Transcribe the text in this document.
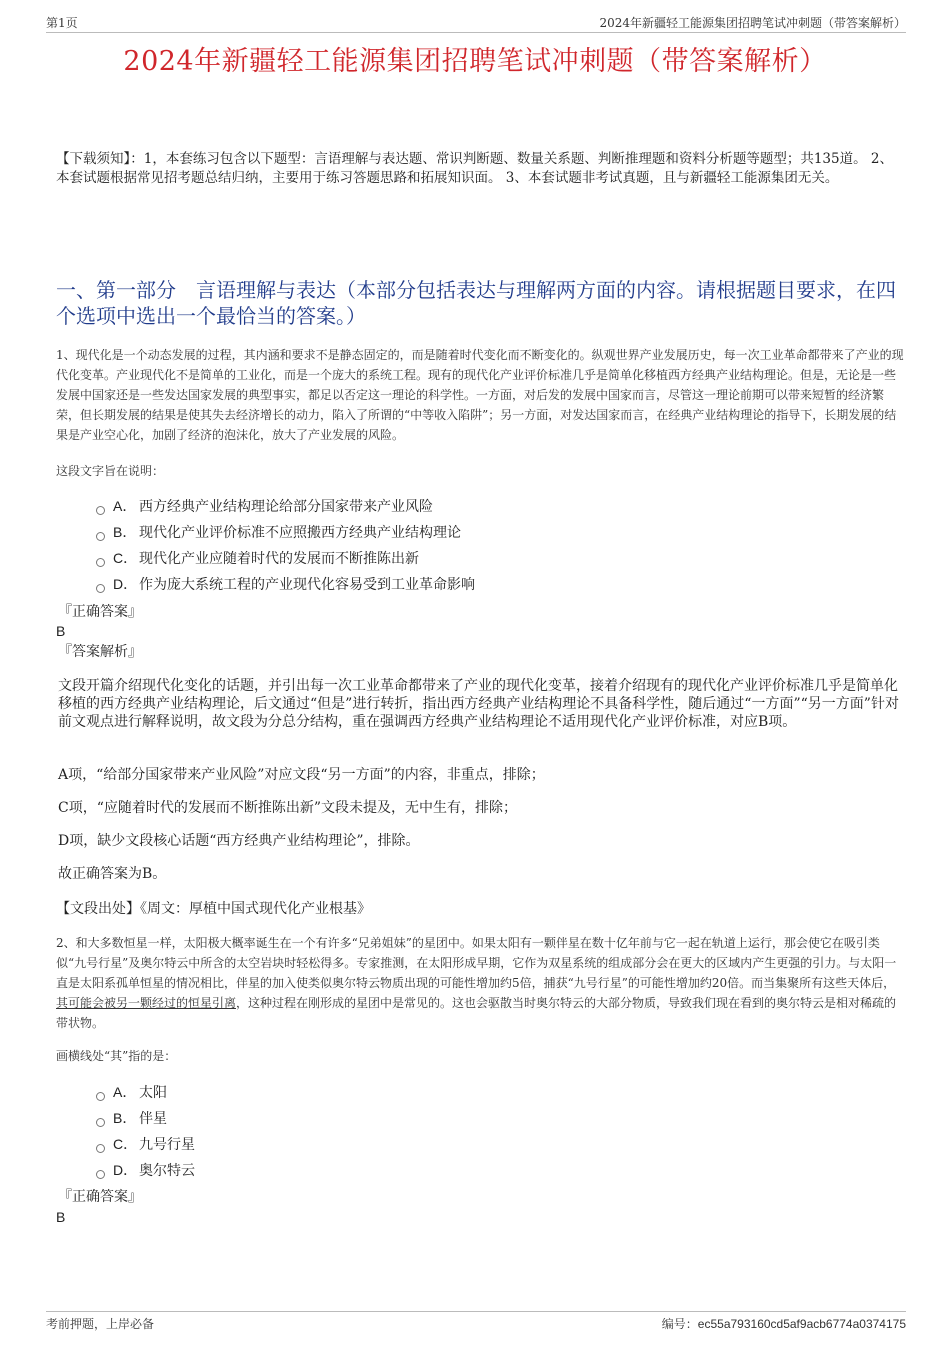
第1页	2024年新疆轻工能源集团招聘笔试冲刺题（带答案解析）
2024年新疆轻工能源集团招聘笔试冲刺题（带答案解析）
【下载须知】：1，本套练习包含以下题型：言语理解与表达题、常识判断题、数量关系题、判断推理题和资料分析题等题型；共135道。 2、本套试题根据常见招考题总结归纳，主要用于练习答题思路和拓展知识面。 3、本套试题非考试真题，且与新疆轻工能源集团无关。
一、第一部分　言语理解与表达（本部分包括表达与理解两方面的内容。请根据题目要求，在四个选项中选出一个最恰当的答案。）
1、现代化是一个动态发展的过程，其内涵和要求不是静态固定的，而是随着时代变化而不断变化的。纵观世界产业发展历史，每一次工业革命都带来了产业的现代化变革。产业现代化不是简单的工业化，而是一个庞大的系统工程。现有的现代化产业评价标准几乎是简单化移植西方经典产业结构理论。但是，无论是一些发展中国家还是一些发达国家发展的典型事实，都足以否定这一理论的科学性。一方面，对后发的发展中国家而言，尽管这一理论前期可以带来短暂的经济繁荣，但长期发展的结果是使其失去经济增长的动力，陷入了所谓的“中等收入陷阱”；另一方面，对发达国家而言，在经典产业结构理论的指导下，长期发展的结果是产业空心化，加剧了经济的泡沫化，放大了产业发展的风险。
这段文字旨在说明：
A． 西方经典产业结构理论给部分国家带来产业风险
B． 现代化产业评价标准不应照搬西方经典产业结构理论
C． 现代化产业应随着时代的发展而不断推陈出新
D． 作为庞大系统工程的产业现代化容易受到工业革命影响
『正确答案』
B
『答案解析』
文段开篇介绍现代化变化的话题，并引出每一次工业革命都带来了产业的现代化变革，接着介绍现有的现代化产业评价标准几乎是简单化移植的西方经典产业结构理论，后文通过“但是”进行转折，指出西方经典产业结构理论不具备科学性，随后通过“一方面”“另一方面”针对前文观点进行解释说明，故文段为分总分结构，重在强调西方经典产业结构理论不适用现代化产业评价标准，对应B项。
A项，“给部分国家带来产业风险”对应文段“另一方面”的内容，非重点，排除；
C项，“应随着时代的发展而不断推陈出新”文段未提及，无中生有，排除；
D项，缺少文段核心话题“西方经典产业结构理论”，排除。
故正确答案为B。
【文段出处】《周文：厚植中国式现代化产业根基》
2、和大多数恒星一样，太阳极大概率诞生在一个有许多“兄弟姐妹”的星团中。如果太阳有一颗伴星在数十亿年前与它一起在轨道上运行，那会使它在吸引类似“九号行星”及奥尔特云中所含的太空岩块时轻松得多。专家推测，在太阳形成早期，它作为双星系统的组成部分会在更大的区域内产生更强的引力。与太阳一直是太阳系孤单恒星的情况相比，伴星的加入使类似奥尔特云物质出现的可能性增加约5倍，捕获“九号行星”的可能性增加约20倍。而当集聚所有这些天体后，其可能会被另一颗经过的恒星引离，这种过程在刚形成的星团中是常见的。这也会驱散当时奥尔特云的大部分物质，导致我们现在看到的奥尔特云是相对稀疏的带状物。
画横线处“其”指的是：
A． 太阳
B． 伴星
C． 九号行星
D． 奥尔特云
『正确答案』
B
考前押题，上岸必备	编号：ec55a793160cd5af9acb6774a0374175
